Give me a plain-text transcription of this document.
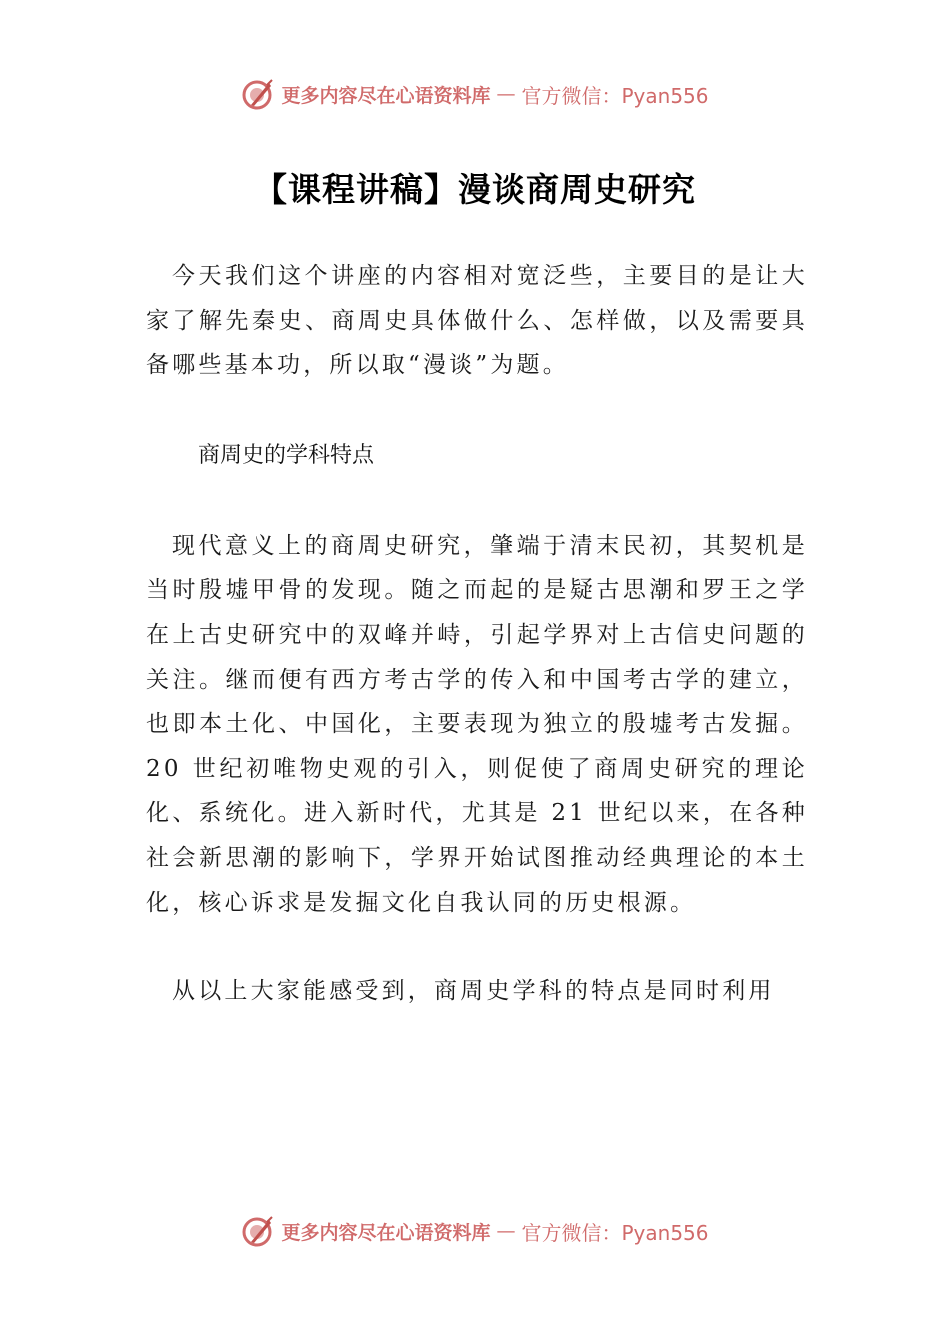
更多内容尽在心语资料库 — 官方微信：Pyan556
【课程讲稿】漫谈商周史研究

今天我们这个讲座的内容相对宽泛些，主要目的是让大家了解先秦史、商周史具体做什么、怎样做，以及需要具备哪些基本功，所以取“漫谈”为题。

商周史的学科特点

现代意义上的商周史研究，肇端于清末民初，其契机是当时殷墟甲骨的发现。随之而起的是疑古思潮和罗王之学在上古史研究中的双峰并峙，引起学界对上古信史问题的关注。继而便有西方考古学的传入和中国考古学的建立，也即本土化、中国化，主要表现为独立的殷墟考古发掘。20 世纪初唯物史观的引入，则促使了商周史研究的理论化、系统化。进入新时代，尤其是 21 世纪以来，在各种社会新思潮的影响下，学界开始试图推动经典理论的本土化，核心诉求是发掘文化自我认同的历史根源。

从以上大家能感受到，商周史学科的特点是同时利用

更多内容尽在心语资料库 — 官方微信：Pyan556
